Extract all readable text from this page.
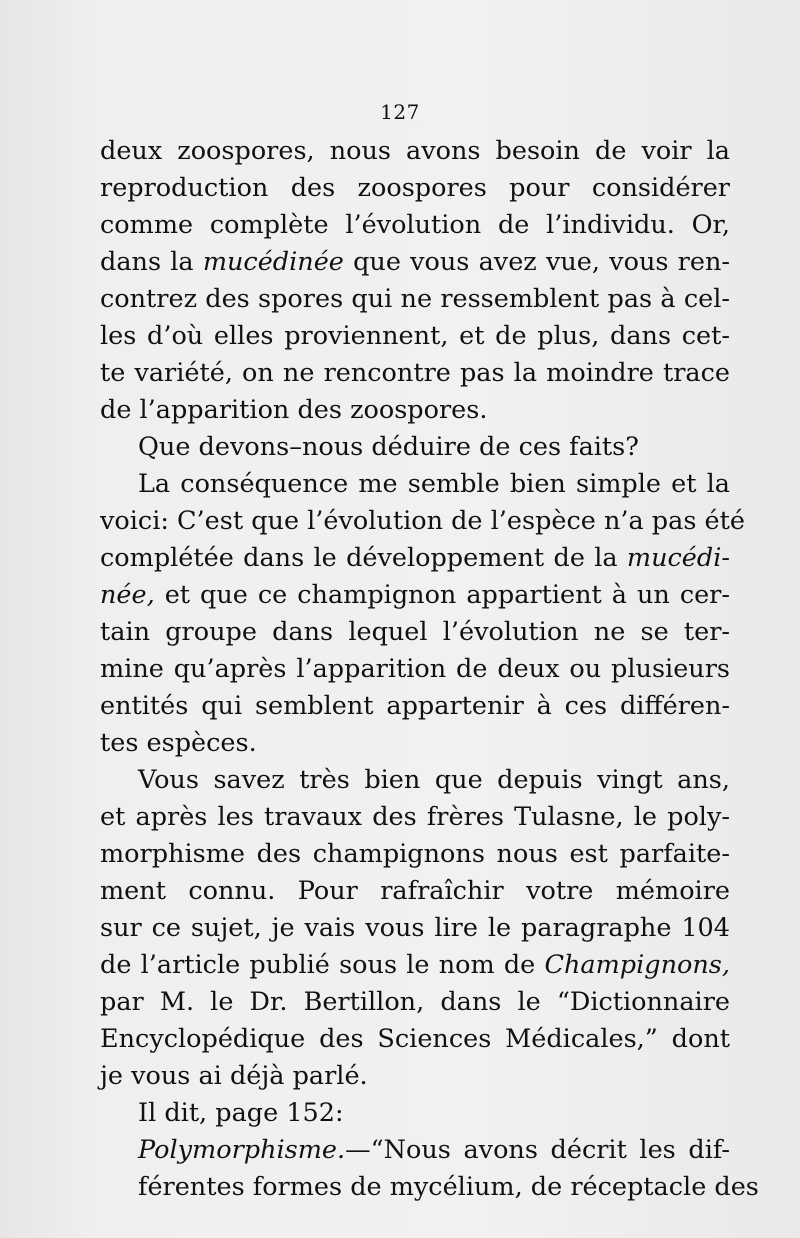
127
deux zoospores, nous avons besoin de voir la
reproduction des zoospores pour considérer
comme complète l’évolution de l’individu. Or,
dans la mucédinée que vous avez vue, vous ren-
contrez des spores qui ne ressemblent pas à cel-
les d’où elles proviennent, et de plus, dans cet-
te variété, on ne rencontre pas la moindre trace
de l’apparition des zoospores.
Que devons–nous déduire de ces faits?
La conséquence me semble bien simple et la
voici: C’est que l’évolution de l’espèce n’a pas été
complétée dans le développement de la mucédi-
née, et que ce champignon appartient à un cer-
tain groupe dans lequel l’évolution ne se ter-
mine qu’après l’apparition de deux ou plusieurs
entités qui semblent appartenir à ces différen-
tes espèces.
Vous savez très bien que depuis vingt ans,
et après les travaux des frères Tulasne, le poly-
morphisme des champignons nous est parfaite-
ment connu. Pour rafraîchir votre mémoire
sur ce sujet, je vais vous lire le paragraphe 104
de l’article publié sous le nom de Champignons,
par M. le Dr. Bertillon, dans le “Dictionnaire
Encyclopédique des Sciences Médicales,” dont
je vous ai déjà parlé.
Il dit, page 152:
Polymorphisme.—“Nous avons décrit les dif-
férentes formes de mycélium, de réceptacle des
